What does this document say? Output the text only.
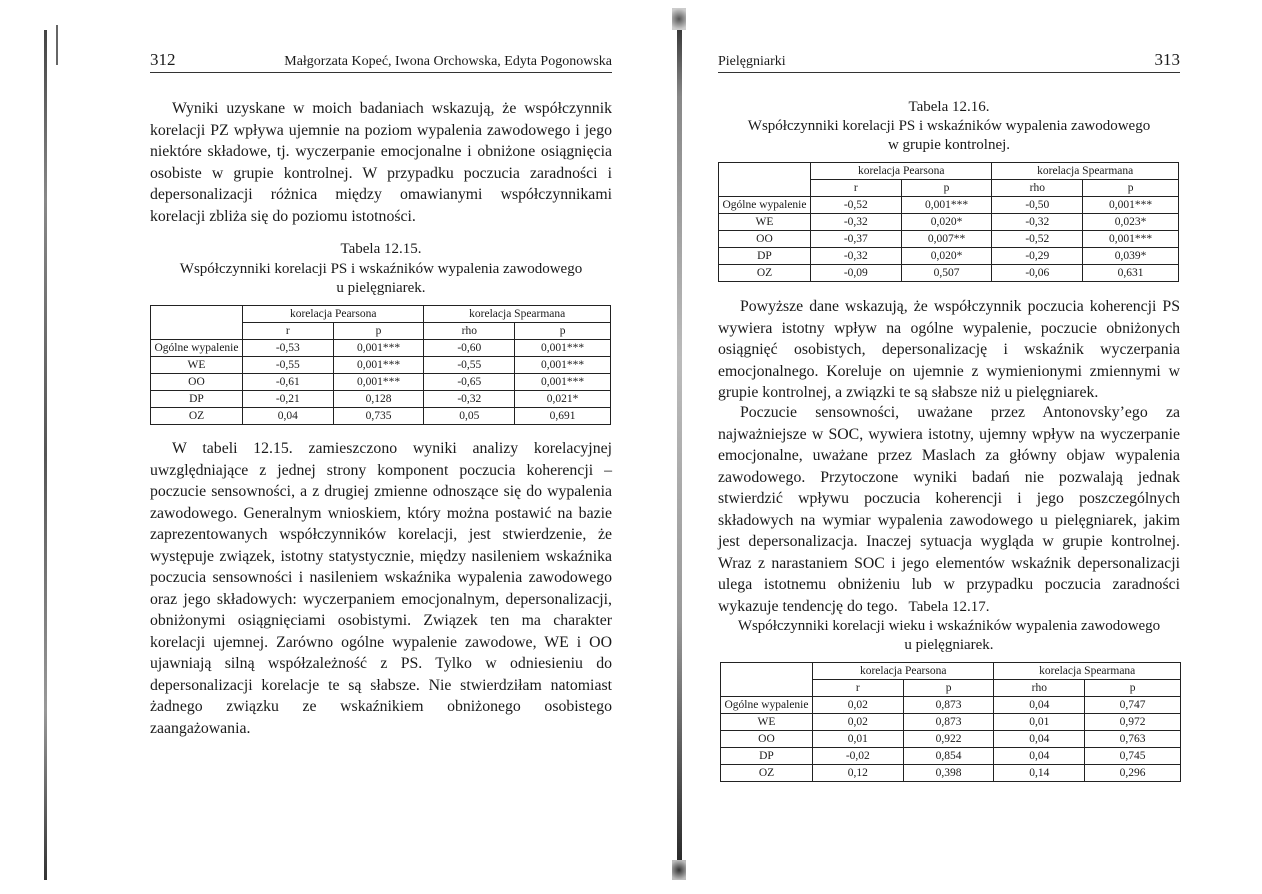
312	Małgorzata Kopeć, Iwona Orchowska, Edyta Pogonowska

Wyniki uzyskane w moich badaniach wskazują, że współczynnik korelacji PZ wpływa ujemnie na poziom wypalenia zawodowego i jego niektóre składowe, tj. wyczerpanie emocjonalne i obniżone osiągnięcia osobiste w grupie kontrolnej. W przypadku poczucia zaradności i depersonalizacji różnica między omawianymi współczynnikami korelacji zbliża się do poziomu istotności.

Tabela 12.15.
Współczynniki korelacji PS i wskaźników wypalenia zawodowego
u pielęgniarek.
	korelacja Pearsona		korelacja Spearmana	
	r	p	rho	p
Ogólne wypalenie	-0,53	0,001***	-0,60	0,001***
WE	-0,55	0,001***	-0,55	0,001***
OO	-0,61	0,001***	-0,65	0,001***
DP	-0,21	0,128	-0,32	0,021*
OZ	0,04	0,735	0,05	0,691

W tabeli 12.15. zamieszczono wyniki analizy korelacyjnej uwzględniające z jednej strony komponent poczucia koherencji – poczucie sensowności, a z drugiej zmienne odnoszące się do wypalenia zawodowego. Generalnym wnioskiem, który można postawić na bazie zaprezentowanych współczynników korelacji, jest stwierdzenie, że występuje związek, istotny statystycznie, między nasileniem wskaźnika poczucia sensowności i nasileniem wskaźnika wypalenia zawodowego oraz jego składowych: wyczerpaniem emocjonalnym, depersonalizacji, obniżonymi osiągnięciami osobistymi. Związek ten ma charakter korelacji ujemnej. Zarówno ogólne wypalenie zawodowe, WE i OO ujawniają silną współzależność z PS. Tylko w odniesieniu do depersonalizacji korelacje te są słabsze. Nie stwierdziłam natomiast żadnego związku ze wskaźnikiem obniżonego osobistego zaangażowania.

Pielęgniarki	313
Tabela 12.16.
Współczynniki korelacji PS i wskaźników wypalenia zawodowego
w grupie kontrolnej.
	korelacja Pearsona		korelacja Spearmana	
	r	p	rho	p
Ogólne wypalenie	-0,52	0,001***	-0,50	0,001***
WE	-0,32	0,020*	-0,32	0,023*
OO	-0,37	0,007**	-0,52	0,001***
DP	-0,32	0,020*	-0,29	0,039*
OZ	-0,09	0,507	-0,06	0,631

Powyższe dane wskazują, że współczynnik poczucia koherencji PS wywiera istotny wpływ na ogólne wypalenie, poczucie obniżonych osiągnięć osobistych, depersonalizację i wskaźnik wyczerpania emocjonalnego. Koreluje on ujemnie z wymienionymi zmiennymi w grupie kontrolnej, a związki te są słabsze niż u pielęgniarek.

Poczucie sensowności, uważane przez Antonovsky’ego za najważniejsze w SOC, wywiera istotny, ujemny wpływ na wyczerpanie emocjonalne, uważane przez Maslach za główny objaw wypalenia zawodowego. Przytoczone wyniki badań nie pozwalają jednak stwierdzić wpływu poczucia koherencji i jego poszczególnych składowych na wymiar wypalenia zawodowego u pielęgniarek, jakim jest depersonalizacja. Inaczej sytuacja wygląda w grupie kontrolnej. Wraz z narastaniem SOC i jego elementów wskaźnik depersonalizacji ulega istotnemu obniżeniu lub w przypadku poczucia zaradności wykazuje tendencję do tego. Tabela 12.17.
Współczynniki korelacji wieku i wskaźników wypalenia zawodowego
u pielęgniarek.
	korelacja Pearsona		korelacja Spearmana	
	r	p	rho	p
Ogólne wypalenie	0,02	0,873	0,04	0,747
WE	0,02	0,873	0,01	0,972
OO	0,01	0,922	0,04	0,763
DP	-0,02	0,854	0,04	0,745
OZ	0,12	0,398	0,14	0,296
